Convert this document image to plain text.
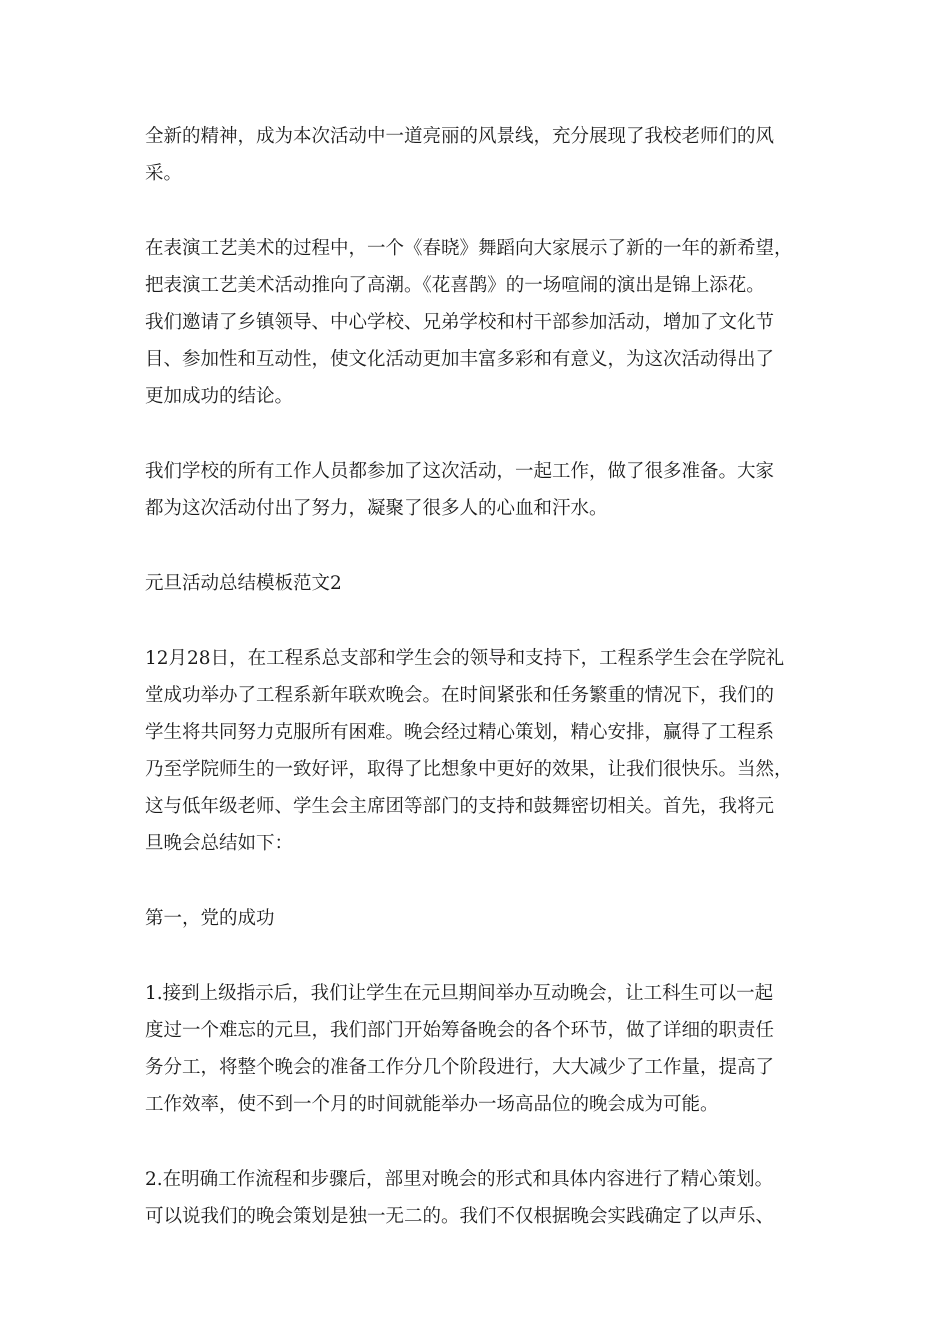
全新的精神，成为本次活动中一道亮丽的风景线，充分展现了我校老师们的风
采。

在表演工艺美术的过程中，一个《春晓》舞蹈向大家展示了新的一年的新希望，
把表演工艺美术活动推向了高潮。《花喜鹊》的一场喧闹的演出是锦上添花。
我们邀请了乡镇领导、中心学校、兄弟学校和村干部参加活动，增加了文化节
目、参加性和互动性，使文化活动更加丰富多彩和有意义，为这次活动得出了
更加成功的结论。

我们学校的所有工作人员都参加了这次活动，一起工作，做了很多准备。大家
都为这次活动付出了努力，凝聚了很多人的心血和汗水。

元旦活动总结模板范文2

12月28日，在工程系总支部和学生会的领导和支持下，工程系学生会在学院礼
堂成功举办了工程系新年联欢晚会。在时间紧张和任务繁重的情况下，我们的
学生将共同努力克服所有困难。晚会经过精心策划，精心安排，赢得了工程系
乃至学院师生的一致好评，取得了比想象中更好的效果，让我们很快乐。当然，
这与低年级老师、学生会主席团等部门的支持和鼓舞密切相关。首先，我将元
旦晚会总结如下：

第一，党的成功

1.接到上级指示后，我们让学生在元旦期间举办互动晚会，让工科生可以一起
度过一个难忘的元旦，我们部门开始筹备晚会的各个环节，做了详细的职责任
务分工，将整个晚会的准备工作分几个阶段进行，大大减少了工作量，提高了
工作效率，使不到一个月的时间就能举办一场高品位的晚会成为可能。

2.在明确工作流程和步骤后，部里对晚会的形式和具体内容进行了精心策划。
可以说我们的晚会策划是独一无二的。我们不仅根据晚会实践确定了以声乐、
